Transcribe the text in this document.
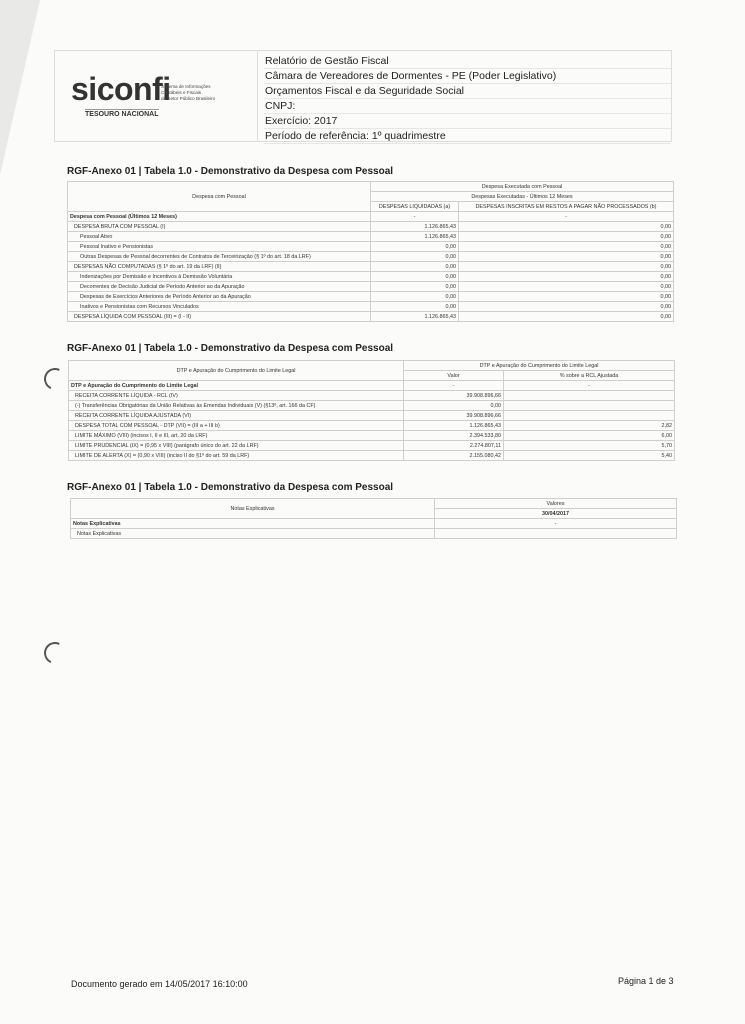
siconfi
Sistema de Informações
Contábeis e Fiscais
do Setor Público Brasileiro
TESOURO NACIONAL
Relatório de Gestão Fiscal
Câmara de Vereadores de Dormentes - PE (Poder Legislativo)
Orçamentos Fiscal e da Seguridade Social
CNPJ:
Exercício: 2017
Período de referência: 1º quadrimestre
RGF-Anexo 01 | Tabela 1.0 - Demonstrativo da Despesa com Pessoal
Despesa com Pessoal	Despesa Executada com Pessoal	
	Despesas Executadas - Últimos 12 Meses	
	DESPESAS LIQUIDADAS (a)	DESPESAS INSCRITAS EM RESTOS A PAGAR NÃO PROCESSADOS (b)
Despesa com Pessoal (Últimos 12 Meses)	-	-
DESPESA BRUTA COM PESSOAL (I)	1.126.865,43	0,00
Pessoal Ativo	1.126.865,43	0,00
Pessoal Inativo e Pensionistas	0,00	0,00
Outras Despesas de Pessoal decorrentes de Contratos de Terceirização (§ 1º do art. 18 da LRF)	0,00	0,00
DESPESAS NÃO COMPUTADAS (§ 1º do art. 19 da LRF) (II)	0,00	0,00
Indenizações por Demissão e Incentivos à Demissão Voluntária	0,00	0,00
Decorrentes de Decisão Judicial de Período Anterior ao da Apuração	0,00	0,00
Despesas de Exercícios Anteriores de Período Anterior ao da Apuração	0,00	0,00
Inativos e Pensionistas com Recursos Vinculados	0,00	0,00
DESPESA LÍQUIDA COM PESSOAL (III) = (I - II)	1.126.865,43	0,00
RGF-Anexo 01 | Tabela 1.0 - Demonstrativo da Despesa com Pessoal
DTP e Apuração do Cumprimento do Limite Legal	DTP e Apuração do Cumprimento do Limite Legal	
	Valor	% sobre a RCL Ajustada
DTP e Apuração do Cumprimento do Limite Legal	-	-
RECEITA CORRENTE LÍQUIDA - RCL (IV)	39.908.896,66	
(-) Transferências Obrigatórias da União Relativas às Emendas Individuais (V) (§13º, art. 166 da CF)	0,00	
RECEITA CORRENTE LÍQUIDA AJUSTADA (VI)	39.908.896,66	
DESPESA TOTAL COM PESSOAL - DTP (VII) = (III a + III b)	1.126.865,43	2,82
LIMITE MÁXIMO (VIII) (incisos I, II e III, art. 20 da LRF)	2.394.533,80	6,00
LIMITE PRUDENCIAL (IX) = (0,95 x VIII) (parágrafo único do art. 22 da LRF)	2.274.807,11	5,70
LIMITE DE ALERTA (X) = (0,90 x VIII) (inciso II do §1º do art. 59 da LRF)	2.155.080,42	5,40
RGF-Anexo 01 | Tabela 1.0 - Demonstrativo da Despesa com Pessoal
Notas Explicativas	Valores
	30/04/2017
Notas Explicativas	-
Notas Explicativas	
Documento gerado em 14/05/2017 16:10:00	Página 1 de 3
